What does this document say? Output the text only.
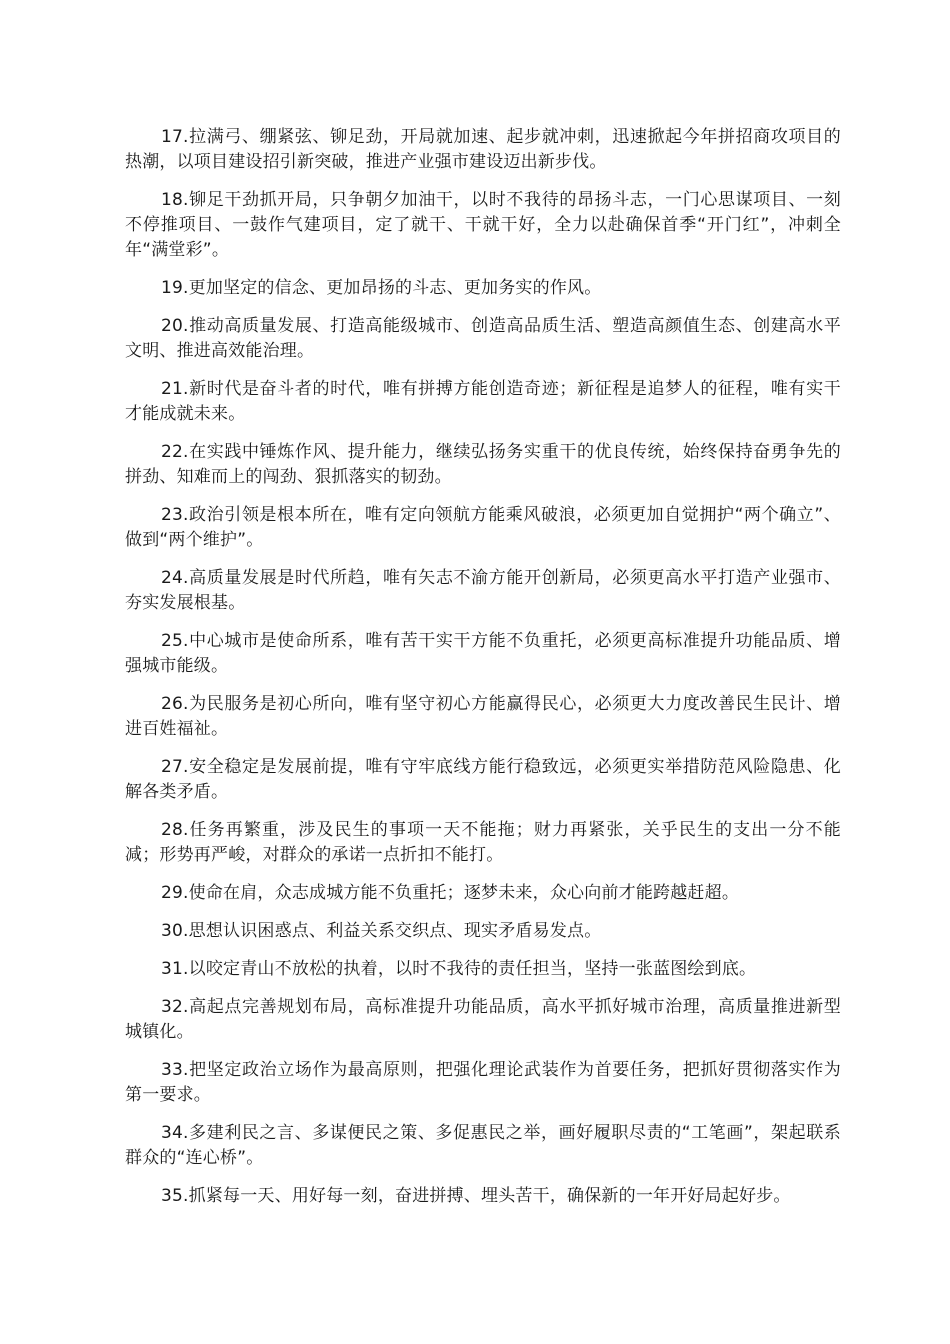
17.拉满弓、绷紧弦、铆足劲，开局就加速、起步就冲刺，迅速掀起今年拼招商攻项目的热潮，以项目建设招引新突破，推进产业强市建设迈出新步伐。

18.铆足干劲抓开局，只争朝夕加油干，以时不我待的昂扬斗志，一门心思谋项目、一刻不停推项目、一鼓作气建项目，定了就干、干就干好，全力以赴确保首季“开门红”，冲刺全年“满堂彩”。

19.更加坚定的信念、更加昂扬的斗志、更加务实的作风。

20.推动高质量发展、打造高能级城市、创造高品质生活、塑造高颜值生态、创建高水平文明、推进高效能治理。

21.新时代是奋斗者的时代，唯有拼搏方能创造奇迹；新征程是追梦人的征程，唯有实干才能成就未来。

22.在实践中锤炼作风、提升能力，继续弘扬务实重干的优良传统，始终保持奋勇争先的拼劲、知难而上的闯劲、狠抓落实的韧劲。

23.政治引领是根本所在，唯有定向领航方能乘风破浪，必须更加自觉拥护“两个确立”、做到“两个维护”。

24.高质量发展是时代所趋，唯有矢志不渝方能开创新局，必须更高水平打造产业强市、夯实发展根基。

25.中心城市是使命所系，唯有苦干实干方能不负重托，必须更高标准提升功能品质、增强城市能级。

26.为民服务是初心所向，唯有坚守初心方能赢得民心，必须更大力度改善民生民计、增进百姓福祉。

27.安全稳定是发展前提，唯有守牢底线方能行稳致远，必须更实举措防范风险隐患、化解各类矛盾。

28.任务再繁重，涉及民生的事项一天不能拖；财力再紧张，关乎民生的支出一分不能减；形势再严峻，对群众的承诺一点折扣不能打。

29.使命在肩，众志成城方能不负重托；逐梦未来，众心向前才能跨越赶超。

30.思想认识困惑点、利益关系交织点、现实矛盾易发点。

31.以咬定青山不放松的执着，以时不我待的责任担当，坚持一张蓝图绘到底。

32.高起点完善规划布局，高标准提升功能品质，高水平抓好城市治理，高质量推进新型城镇化。

33.把坚定政治立场作为最高原则，把强化理论武装作为首要任务，把抓好贯彻落实作为第一要求。

34.多建利民之言、多谋便民之策、多促惠民之举，画好履职尽责的“工笔画”，架起联系群众的“连心桥”。

35.抓紧每一天、用好每一刻，奋进拼搏、埋头苦干，确保新的一年开好局起好步。
